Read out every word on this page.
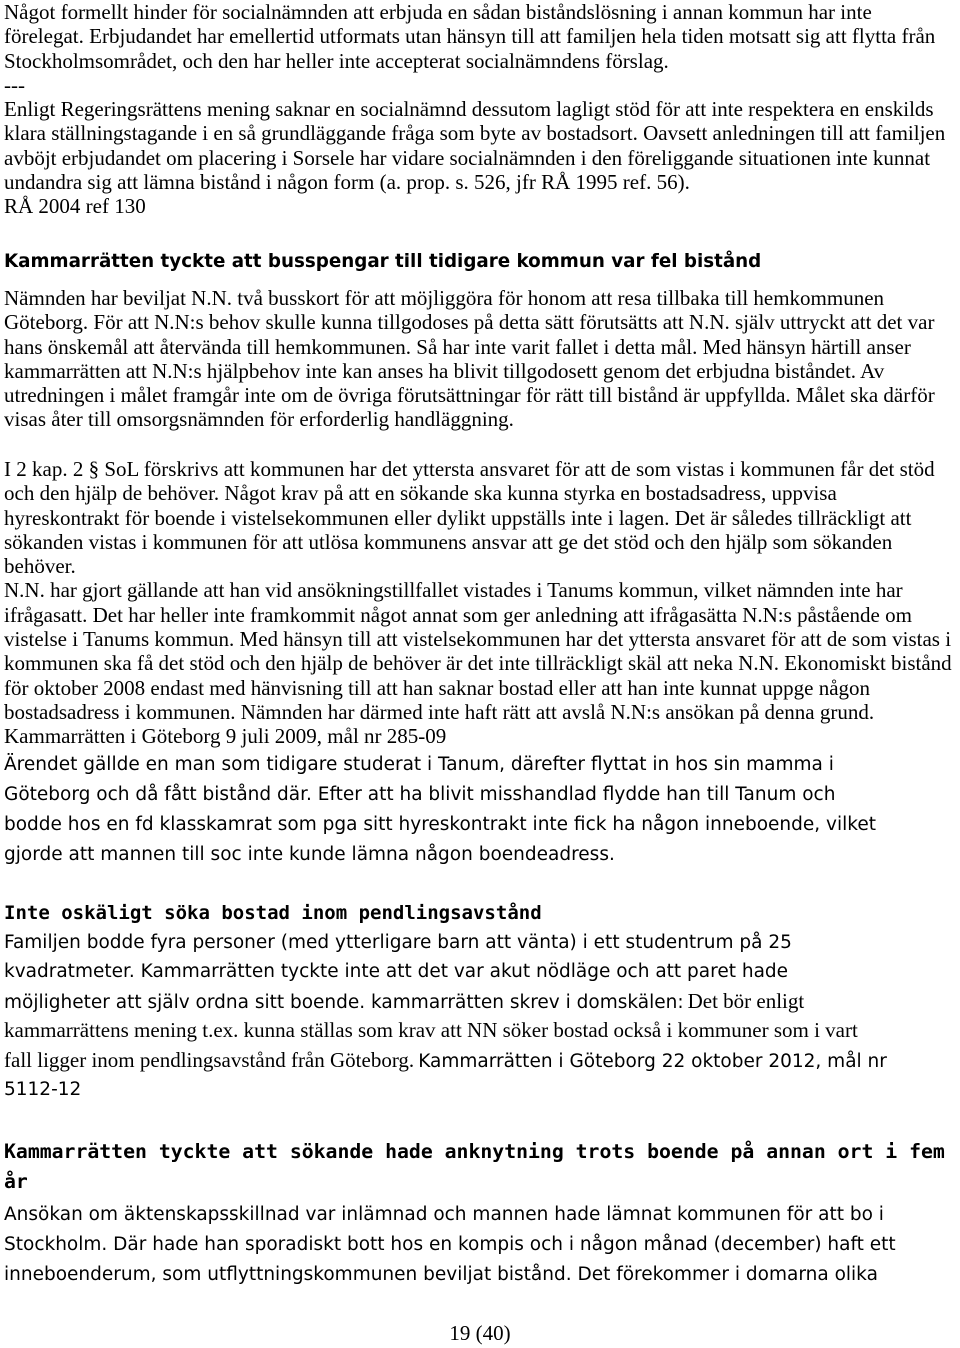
Något formellt hinder för socialnämnden att erbjuda en sådan biståndslösning i annan kommun har inte
förelegat. Erbjudandet har emellertid utformats utan hänsyn till att familjen hela tiden motsatt sig att flytta från
Stockholmsområdet, och den har heller inte accepterat socialnämndens förslag.
---
Enligt Regeringsrättens mening saknar en socialnämnd dessutom lagligt stöd för att inte respektera en enskilds
klara ställningstagande i en så grundläggande fråga som byte av bostadsort. Oavsett anledningen till att familjen
avböjt erbjudandet om placering i Sorsele har vidare socialnämnden i den föreliggande situationen inte kunnat
undandra sig att lämna bistånd i någon form (a. prop. s. 526, jfr RÅ 1995 ref. 56).
RÅ 2004 ref 130
Kammarrätten tyckte att busspengar till tidigare kommun var fel bistånd
Nämnden har beviljat N.N. två busskort för att möjliggöra för honom att resa tillbaka till hemkommunen
Göteborg. För att N.N:s behov skulle kunna tillgodoses på detta sätt förutsätts att N.N. själv uttryckt att det var
hans önskemål att återvända till hemkommunen. Så har inte varit fallet i detta mål. Med hänsyn härtill anser
kammarrätten att N.N:s hjälpbehov inte kan anses ha blivit tillgodosett genom det erbjudna biståndet. Av
utredningen i målet framgår inte om de övriga förutsättningar för rätt till bistånd är uppfyllda. Målet ska därför
visas åter till omsorgsnämnden för erforderlig handläggning.
I 2 kap. 2 § SoL förskrivs att kommunen har det yttersta ansvaret för att de som vistas i kommunen får det stöd
och den hjälp de behöver. Något krav på att en sökande ska kunna styrka en bostadsadress, uppvisa
hyreskontrakt för boende i vistelsekommunen eller dylikt uppställs inte i lagen. Det är således tillräckligt att
sökanden vistas i kommunen för att utlösa kommunens ansvar att ge det stöd och den hjälp som sökanden
behöver.
N.N. har gjort gällande att han vid ansökningstillfallet vistades i Tanums kommun, vilket nämnden inte har
ifrågasatt. Det har heller inte framkommit något annat som ger anledning att ifrågasätta N.N:s påstående om
vistelse i Tanums kommun. Med hänsyn till att vistelsekommunen har det yttersta ansvaret för att de som vistas i
kommunen ska få det stöd och den hjälp de behöver är det inte tillräckligt skäl att neka N.N. Ekonomiskt bistånd
för oktober 2008 endast med hänvisning till att han saknar bostad eller att han inte kunnat uppge någon
bostadsadress i kommunen. Nämnden har därmed inte haft rätt att avslå N.N:s ansökan på denna grund.
Kammarrätten i Göteborg 9 juli 2009, mål nr 285-09
Ärendet gällde en man som tidigare studerat i Tanum, därefter flyttat in hos sin mamma i
Göteborg och då fått bistånd där. Efter att ha blivit misshandlad flydde han till Tanum och
bodde hos en fd klasskamrat som pga sitt hyreskontrakt inte fick ha någon inneboende, vilket
gjorde att mannen till soc inte kunde lämna någon boendeadress.
Inte oskäligt söka bostad inom pendlingsavstånd
Familjen bodde fyra personer (med ytterligare barn att vänta) i ett studentrum på 25
kvadratmeter. Kammarrätten tyckte inte att det var akut nödläge och att paret hade
möjligheter att själv ordna sitt boende. kammarrätten skrev i domskälen: Det bör enligt
kammarrättens mening t.ex. kunna ställas som krav att NN söker bostad också i kommuner som i vart
fall ligger inom pendlingsavstånd från Göteborg. Kammarrätten i Göteborg 22 oktober 2012, mål nr
5112-12
Kammarrätten tyckte att sökande hade anknytning trots boende på annan ort i fem
år
Ansökan om äktenskapsskillnad var inlämnad och mannen hade lämnat kommunen för att bo i
Stockholm. Där hade han sporadiskt bott hos en kompis och i någon månad (december) haft ett
inneboenderum, som utflyttningskommunen beviljat bistånd. Det förekommer i domarna olika
19 (40)
